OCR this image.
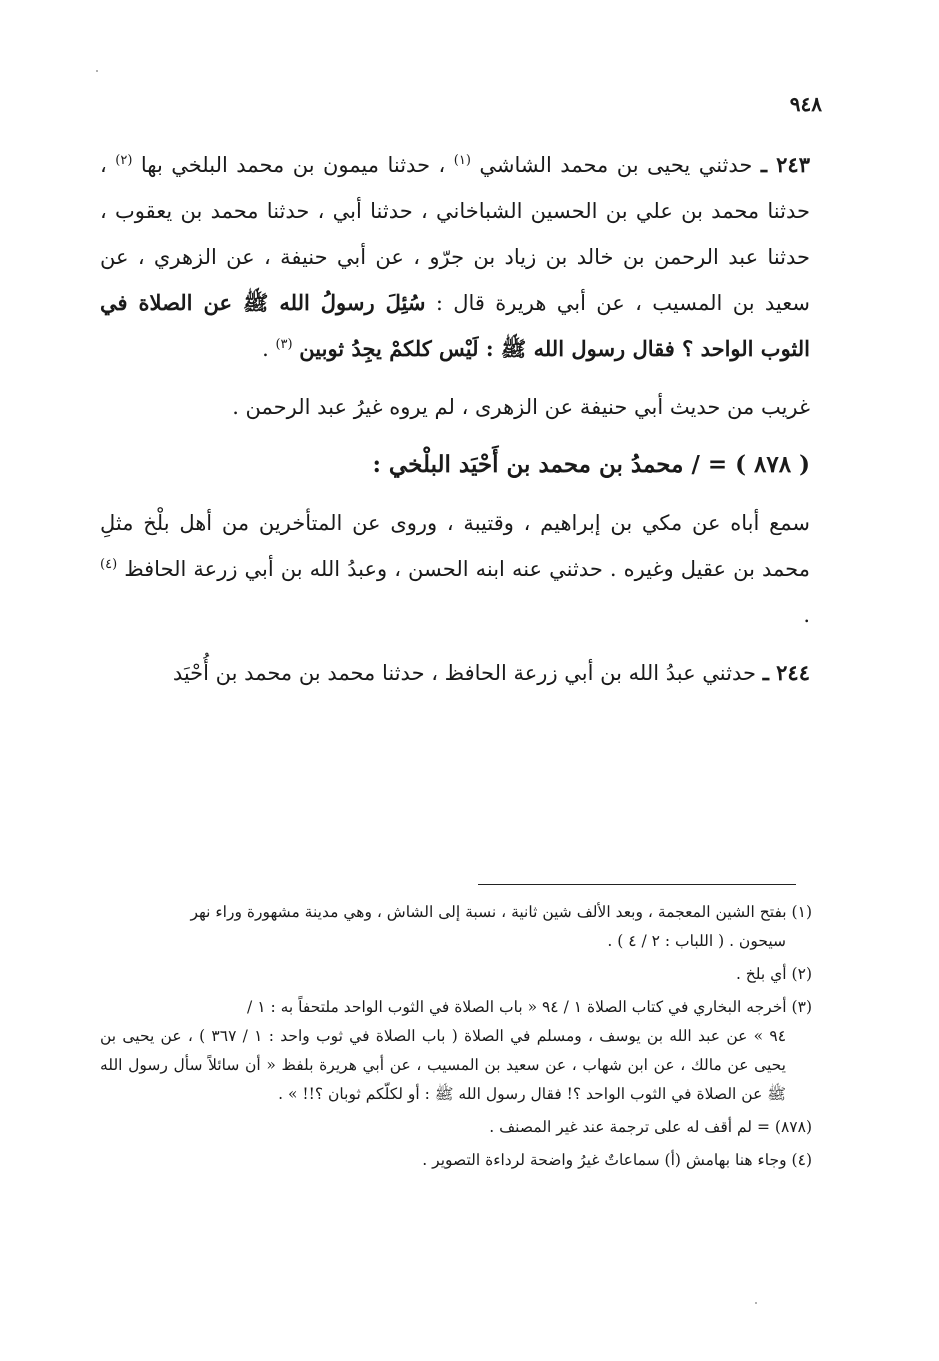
٩٤٨

٢٤٣ ـ حدثني يحيى بن محمد الشاشي $^{(١)}$ ، حدثنا ميمون بن محمد البلخي بها $^{(٢)}$ ، حدثنا محمد بن علي بن الحسين الشباخاني ، حدثنا أبي ، حدثنا محمد بن يعقوب ، حدثنا عبد الرحمن بن خالد بن زياد بن جرّو ، عن أبي حنيفة ، عن الزهري ، عن سعيد بن المسيب ، عن أبي هريرة قال : سُئِلَ رسولُ الله ﷺ عن الصلاة في الثوب الواحد ؟ فقال رسول الله ﷺ : لَيْس كلكمْ يجِدُ ثوبين $^{(٣)}$ .

غريب من حديث أبي حنيفة عن الزهرى ، لم يروه غيرُ عبد الرحمن .

( ٨٧٨ ) = / محمدُ بن محمد بن أَحْيَد البلْخي :

سمع أباه عن مكي بن إبراهيم ، وقتيبة ، وروى عن المتأخرين من أهل بلْخ مثلِ محمد بن عقيل وغيره . حدثني عنه ابنه الحسن ، وعبدُ الله بن أبي زرعة الحافظ $^{(٤)}$ .

٢٤٤ ـ حدثني عبدُ الله بن أبي زرعة الحافظ ، حدثنا محمد بن محمد بن أُحْيَد

(١) بفتح الشين المعجمة ، وبعد الألف شين ثانية ، نسبة إلى الشاش ، وهي مدينة مشهورة وراء نهر
سيحون . ( اللباب : ٢ / ٤ ) .

(٢) أي بلخ .

(٣) أخرجه البخاري في كتاب الصلاة ١ / ٩٤ « باب الصلاة في الثوب الواحد ملتحفاً به : ١ /
٩٤ » عن عبد الله بن يوسف ، ومسلم في الصلاة ( باب الصلاة في ثوب واحد : ١ / ٣٦٧ ) ، عن يحيى بن يحيى عن مالك ، عن ابن شهاب ، عن سعيد بن المسيب ، عن أبي هريرة بلفظ « أن سائلاً سأل رسول الله ﷺ عن الصلاة في الثوب الواحد ؟! فقال رسول الله ﷺ : أو لكلّكم ثوبان ؟!! » .

(٨٧٨) = لم أقف له على ترجمة عند غير المصنف .

(٤) وجاء هنا بهامش (أ) سماعاتٌ غيرُ واضحة لرداءة التصوير .
